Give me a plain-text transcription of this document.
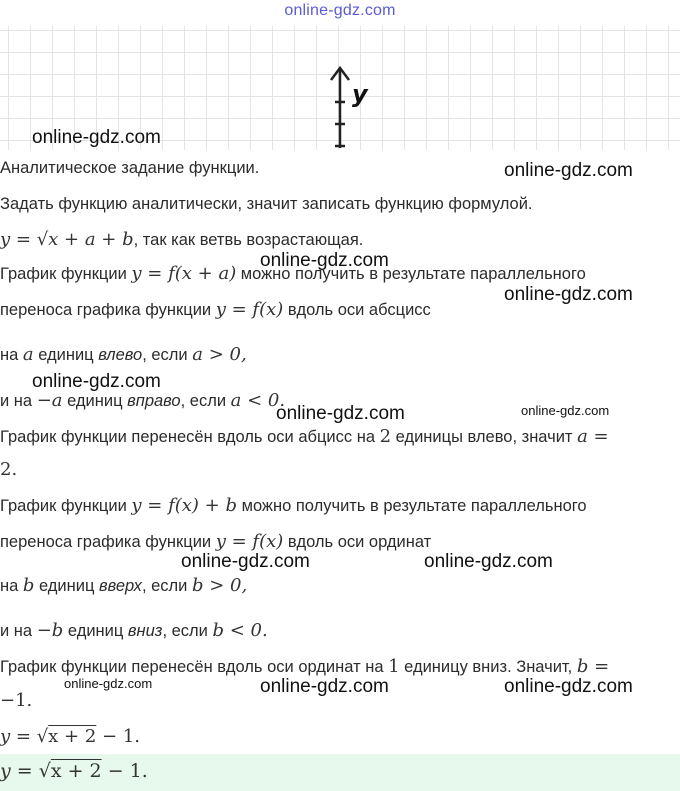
online-gdz.com
y
online-gdz.com
Аналитическое задание функции.	online-gdz.com
Задать функцию аналитически, значит записать функцию формулой.
y = √x + a + b, так как ветвь возрастающая.
График функции y = f(x + a) можно получить в результате параллельного
online-gdz.com
переноса графика функции y = f(x) вдоль оси абсцисс
online-gdz.com
на a единиц влево, если a > 0,
online-gdz.com
и на −a единиц вправо, если a < 0.
online-gdz.com	online-gdz.com
График функции перенесён вдоль оси абцисс на 2 единицы влево, значит a =
2.
График функции y = f(x) + b можно получить в результате параллельного
переноса графика функции y = f(x) вдоль оси ординат
online-gdz.com	online-gdz.com
на b единиц вверх, если b > 0,
и на −b единиц вниз, если b < 0.
График функции перенесён вдоль оси ординат на 1 единицу вниз. Значит, b =
online-gdz.com	online-gdz.com	online-gdz.com
−1.
y = √x + 2 − 1.
y = √x + 2 − 1.
